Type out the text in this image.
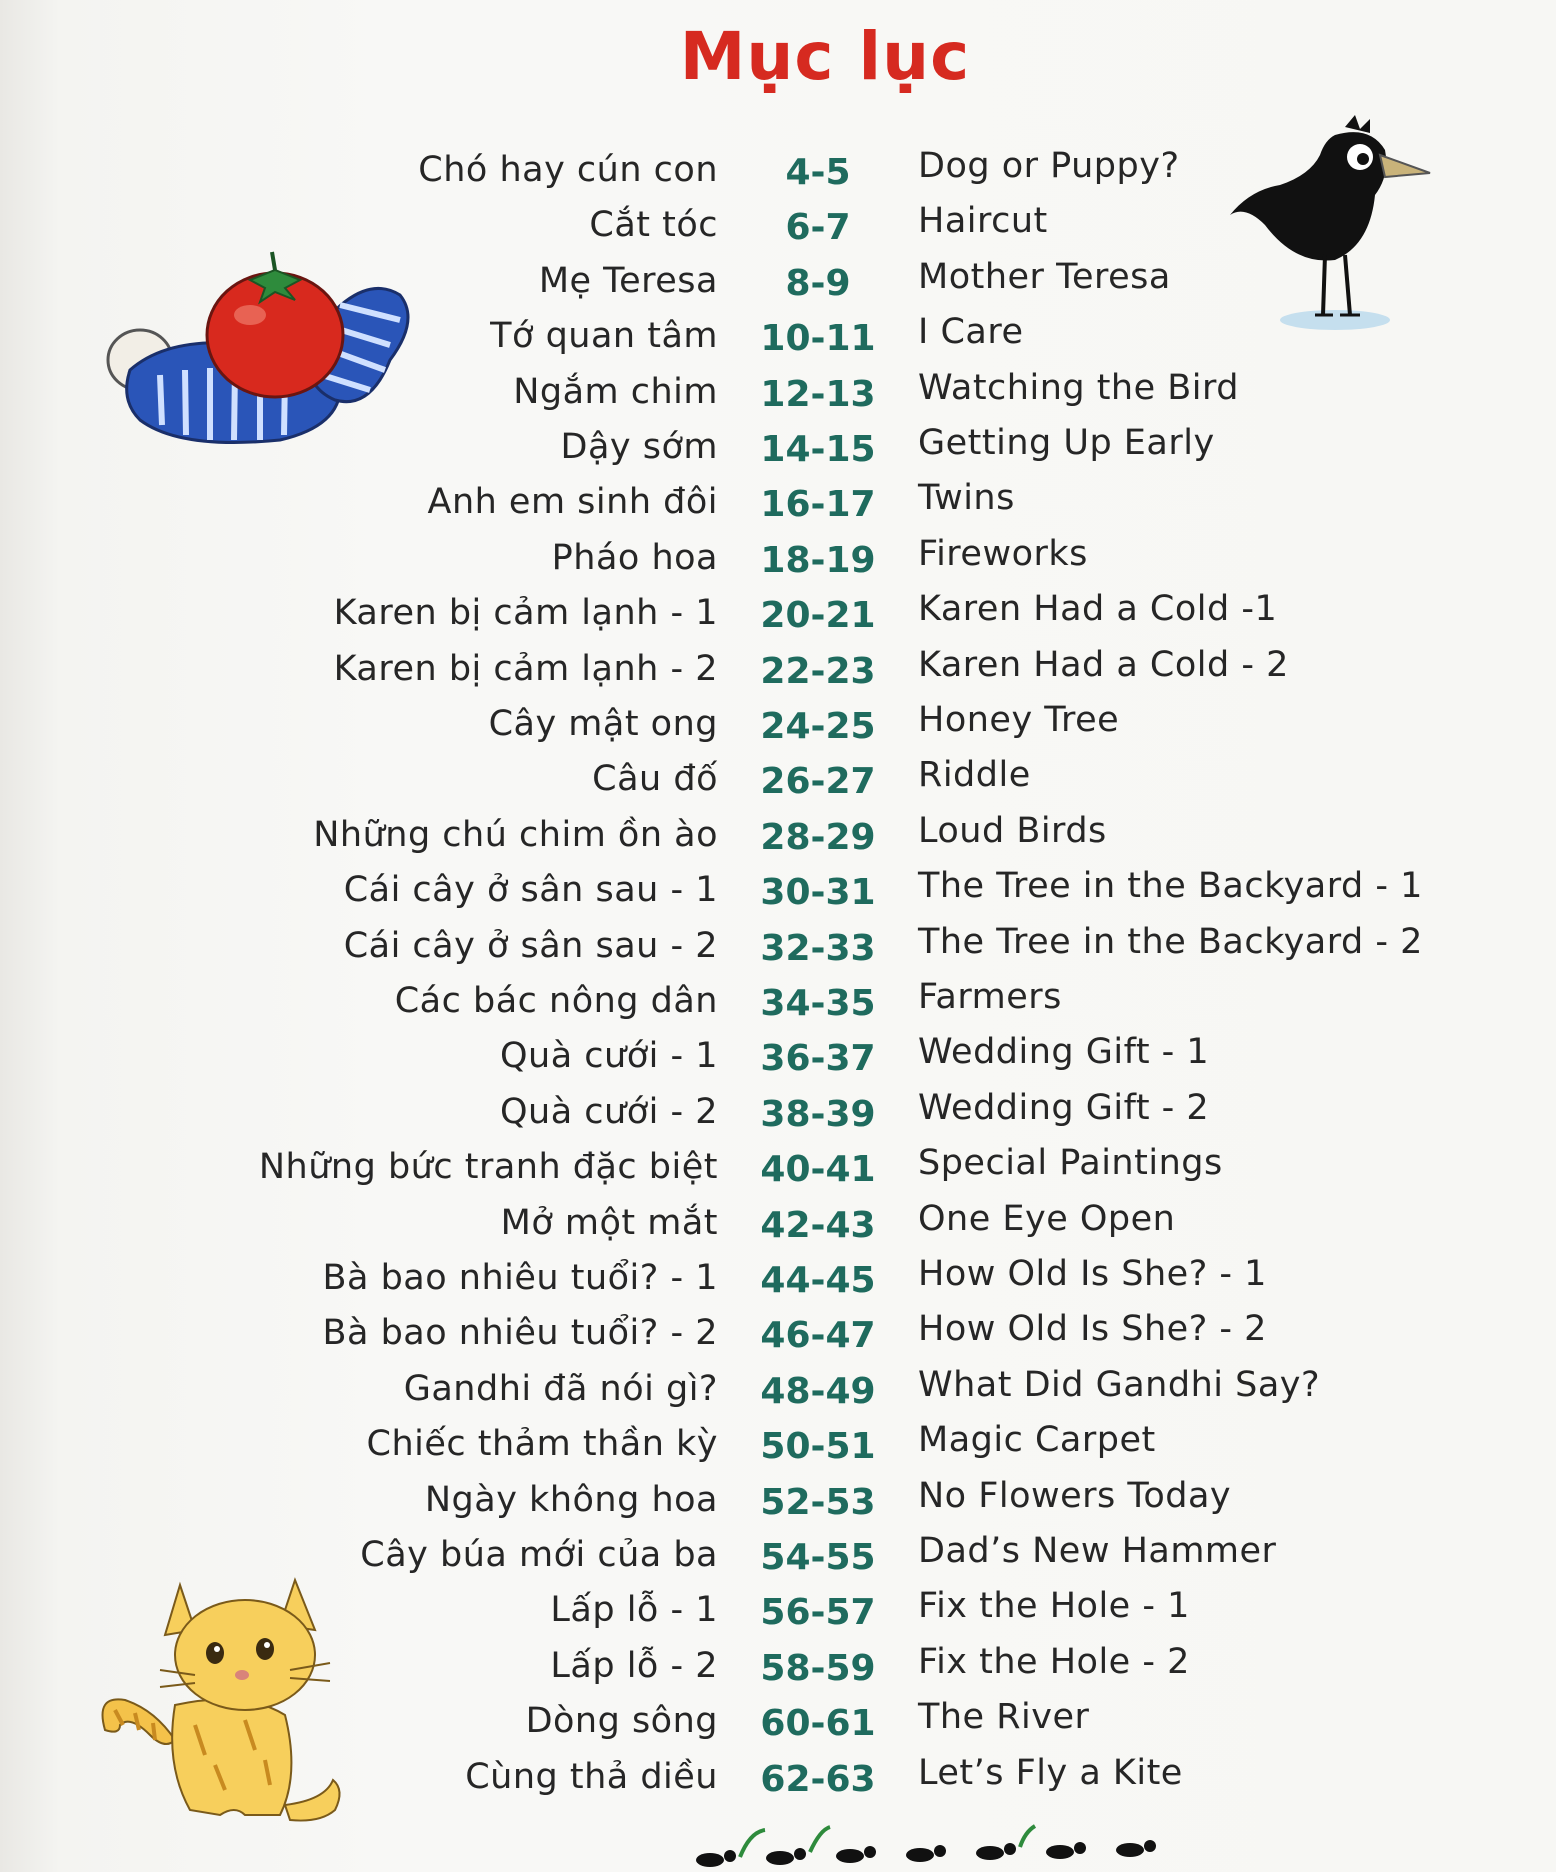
Mục lục
Chó hay cún con	4-5	Dog or Puppy?
Cắt tóc	6-7	Haircut
Mẹ Teresa	8-9	Mother Teresa
Tớ quan tâm	10-11	I Care
Ngắm chim	12-13	Watching the Bird
Dậy sớm	14-15	Getting Up Early
Anh em sinh đôi	16-17	Twins
Pháo hoa	18-19	Fireworks
Karen bị cảm lạnh - 1	20-21	Karen Had a Cold -1
Karen bị cảm lạnh - 2	22-23	Karen Had a Cold - 2
Cây mật ong	24-25	Honey Tree
Câu đố	26-27	Riddle
Những chú chim ồn ào	28-29	Loud Birds
Cái cây ở sân sau - 1	30-31	The Tree in the Backyard - 1
Cái cây ở sân sau - 2	32-33	The Tree in the Backyard - 2
Các bác nông dân	34-35	Farmers
Quà cưới - 1	36-37	Wedding Gift - 1
Quà cưới - 2	38-39	Wedding Gift - 2
Những bức tranh đặc biệt	40-41	Special Paintings
Mở một mắt	42-43	One Eye Open
Bà bao nhiêu tuổi? - 1	44-45	How Old Is She? - 1
Bà bao nhiêu tuổi? - 2	46-47	How Old Is She? - 2
Gandhi đã nói gì?	48-49	What Did Gandhi Say?
Chiếc thảm thần kỳ	50-51	Magic Carpet
Ngày không hoa	52-53	No Flowers Today
Cây búa mới của ba	54-55	Dad’s New Hammer
Lấp lỗ - 1	56-57	Fix the Hole - 1
Lấp lỗ - 2	58-59	Fix the Hole - 2
Dòng sông	60-61	The River
Cùng thả diều	62-63	Let’s Fly a Kite
